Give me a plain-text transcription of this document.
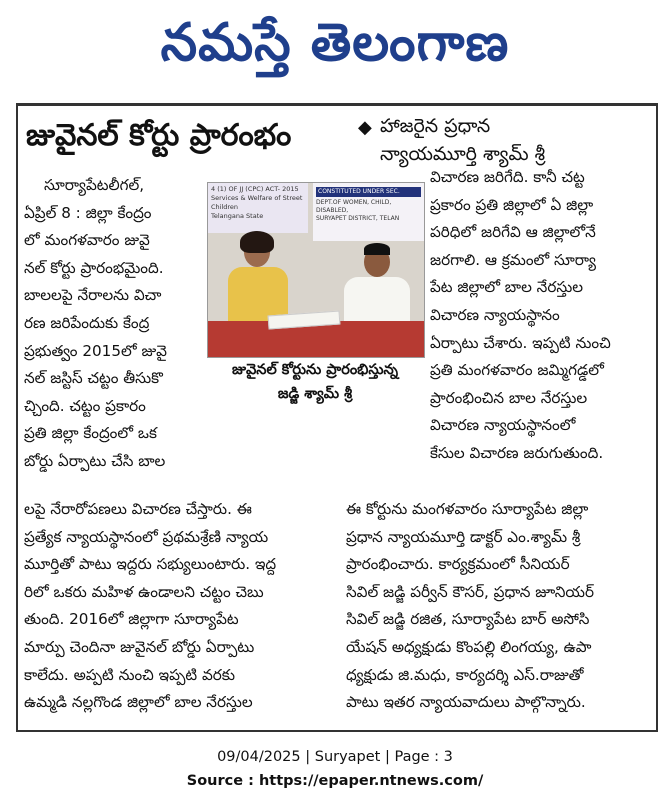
నమస్తే తెలంగాణ
జువైనల్ కోర్టు ప్రారంభం	◆ హాజరైన ప్రధాన
న్యాయమూర్తి శ్యామ్ శ్రీ
సూర్యాపేటలీగల్,
ఏప్రిల్ 8 : జిల్లా కేంద్రం
లో మంగళవారం జువై
నల్ కోర్టు ప్రారంభమైంది.
బాలలపై నేరాలను విచా
రణ జరిపేందుకు కేంద్ర
ప్రభుత్వం 2015లో జువై
నల్ జస్టిస్ చట్టం తీసుకొ
చ్చింది. చట్టం ప్రకారం
ప్రతి జిల్లా కేంద్రంలో ఒక
బోర్డు ఏర్పాటు చేసి బాల
4 (1) OF JJ (CPC) ACT- 2015
Services & Welfare of Street Children
Telangana State
CONSTITUTED UNDER SEC.
DEPT.OF WOMEN, CHILD, DISABLED,
SURYAPET DISTRICT, TELAN
జువైనల్ కోర్టును ప్రారంభిస్తున్న
జడ్జి శ్యామ్ శ్రీ
లపై నేరారోపణలు విచారణ చేస్తారు. ఈ
ప్రత్యేక న్యాయస్థానంలో ప్రథమశ్రేణి న్యాయ
మూర్తితో పాటు ఇద్దరు సభ్యులుంటారు. ఇద్ద
రిలో ఒకరు మహిళ ఉండాలని చట్టం చెబు
తుంది. 2016లో జిల్లాగా సూర్యాపేట
మార్పు చెందినా జువైనల్ బోర్డు ఏర్పాటు
కాలేదు. అప్పటి నుంచి ఇప్పటి వరకు
ఉమ్మడి నల్లగొండ జిల్లాలో బాల నేరస్తుల
విచారణ జరిగేది. కానీ చట్ట
ప్రకారం ప్రతి జిల్లాలో ఏ జిల్లా
పరిధిలో జరిగేవి ఆ జిల్లాలోనే
జరగాలి. ఆ క్రమంలో సూర్యా
పేట జిల్లాలో బాల నేరస్తుల
విచారణ న్యాయస్థానం
ఏర్పాటు చేశారు. ఇప్పటి నుంచి
ప్రతి మంగళవారం జమ్మిగడ్డలో
ప్రారంభించిన బాల నేరస్తుల
విచారణ న్యాయస్థానంలో
కేసుల విచారణ జరుగుతుంది.
ఈ కోర్టును మంగళవారం సూర్యాపేట జిల్లా
ప్రధాన న్యాయమూర్తి డాక్టర్ ఎం.శ్యామ్ శ్రీ
ప్రారంభించారు. కార్యక్రమంలో సీనియర్
సివిల్ జడ్జి పర్వీన్ కౌసర్, ప్రధాన జూనియర్
సివిల్ జడ్జి రజిత, సూర్యాపేట బార్ అసోసి
యేషన్ అధ్యక్షుడు కొంపల్లి లింగయ్య, ఉపా
ధ్యక్షుడు జి.మధు, కార్యదర్శి ఎస్.రాజుతో
పాటు ఇతర న్యాయవాదులు పాల్గొన్నారు.
09/04/2025 | Suryapet | Page : 3
Source : https://epaper.ntnews.com/
